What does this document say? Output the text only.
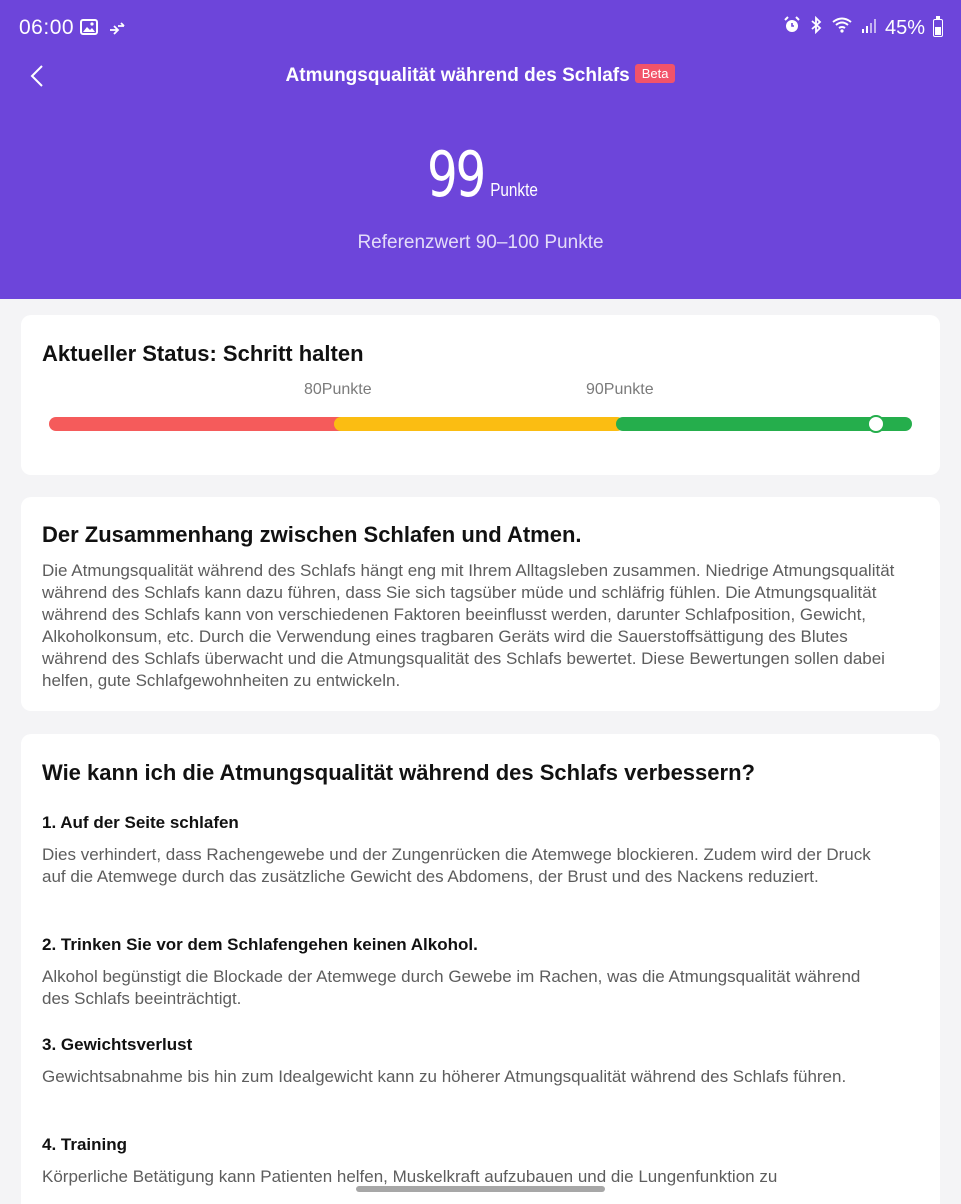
06:00	45%
Atmungsqualität während des Schlafs Beta
99 Punkte
Referenzwert 90–100 Punkte
Aktueller Status: Schritt halten
80Punkte	90Punkte
Der Zusammenhang zwischen Schlafen und Atmen.
Die Atmungsqualität während des Schlafs hängt eng mit Ihrem Alltagsleben zusammen. Niedrige Atmungsqualität während des Schlafs kann dazu führen, dass Sie sich tagsüber müde und schläfrig fühlen. Die Atmungsqualität während des Schlafs kann von verschiedenen Faktoren beeinflusst werden, darunter Schlafposition, Gewicht, Alkoholkonsum, etc. Durch die Verwendung eines tragbaren Geräts wird die Sauerstoffsättigung des Blutes während des Schlafs überwacht und die Atmungsqualität des Schlafs bewertet. Diese Bewertungen sollen dabei helfen, gute Schlafgewohnheiten zu entwickeln.
Wie kann ich die Atmungsqualität während des Schlafs verbessern?
1. Auf der Seite schlafen
Dies verhindert, dass Rachengewebe und der Zungenrücken die Atemwege blockieren. Zudem wird der Druck auf die Atemwege durch das zusätzliche Gewicht des Abdomens, der Brust und des Nackens reduziert.
2. Trinken Sie vor dem Schlafengehen keinen Alkohol.
Alkohol begünstigt die Blockade der Atemwege durch Gewebe im Rachen, was die Atmungsqualität während des Schlafs beeinträchtigt.
3. Gewichtsverlust
Gewichtsabnahme bis hin zum Idealgewicht kann zu höherer Atmungsqualität während des Schlafs führen.
4. Training
Körperliche Betätigung kann Patienten helfen, Muskelkraft aufzubauen und die Lungenfunktion zu
